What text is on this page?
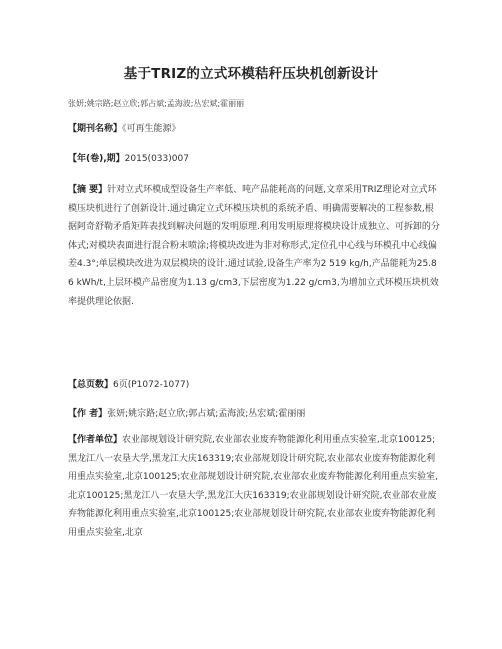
基于TRIZ的立式环模秸秆压块机创新设计
张妍;姚宗路;赵立欣;郭占斌;孟海波;丛宏斌;霍丽丽
【期刊名称】《可再生能源》
【年(卷),期】2015(033)007
【摘 要】针对立式环模成型设备生产率低、吨产品能耗高的问题,文章采用TRIZ理论对立式环模压块机进行了创新设计.通过确定立式环模压块机的系统矛盾、明确需要解决的工程参数,根据阿奇舒勒矛盾矩阵表找到解决问题的发明原理.利用发明原理将模块设计成独立、可拆卸的分体式;对模块表面进行混合粉末喷涂;将模块改进为非对称形式,定位孔中心线与环模孔中心线偏差4.3°;单层模块改进为双层模块的设计.通过试验,设备生产率为2 519 kg/h,产品能耗为25.86 kWh/t,上层环模产品密度为1.13 g/cm3,下层密度为1.22 g/cm3,为增加立式环模压块机效率提供理论依据.
【总页数】6页(P1072-1077)
【作 者】张妍;姚宗路;赵立欣;郭占斌;孟海波;丛宏斌;霍丽丽
【作者单位】农业部规划设计研究院,农业部农业废弃物能源化利用重点实验室,北京100125;黑龙江八一农垦大学,黑龙江大庆163319;农业部规划设计研究院,农业部农业废弃物能源化利用重点实验室,北京100125;农业部规划设计研究院,农业部农业废弃物能源化利用重点实验室,北京100125;黑龙江八一农垦大学,黑龙江大庆163319;农业部规划设计研究院,农业部农业废弃物能源化利用重点实验室,北京100125;农业部规划设计研究院,农业部农业废弃物能源化利用重点实验室,北京
